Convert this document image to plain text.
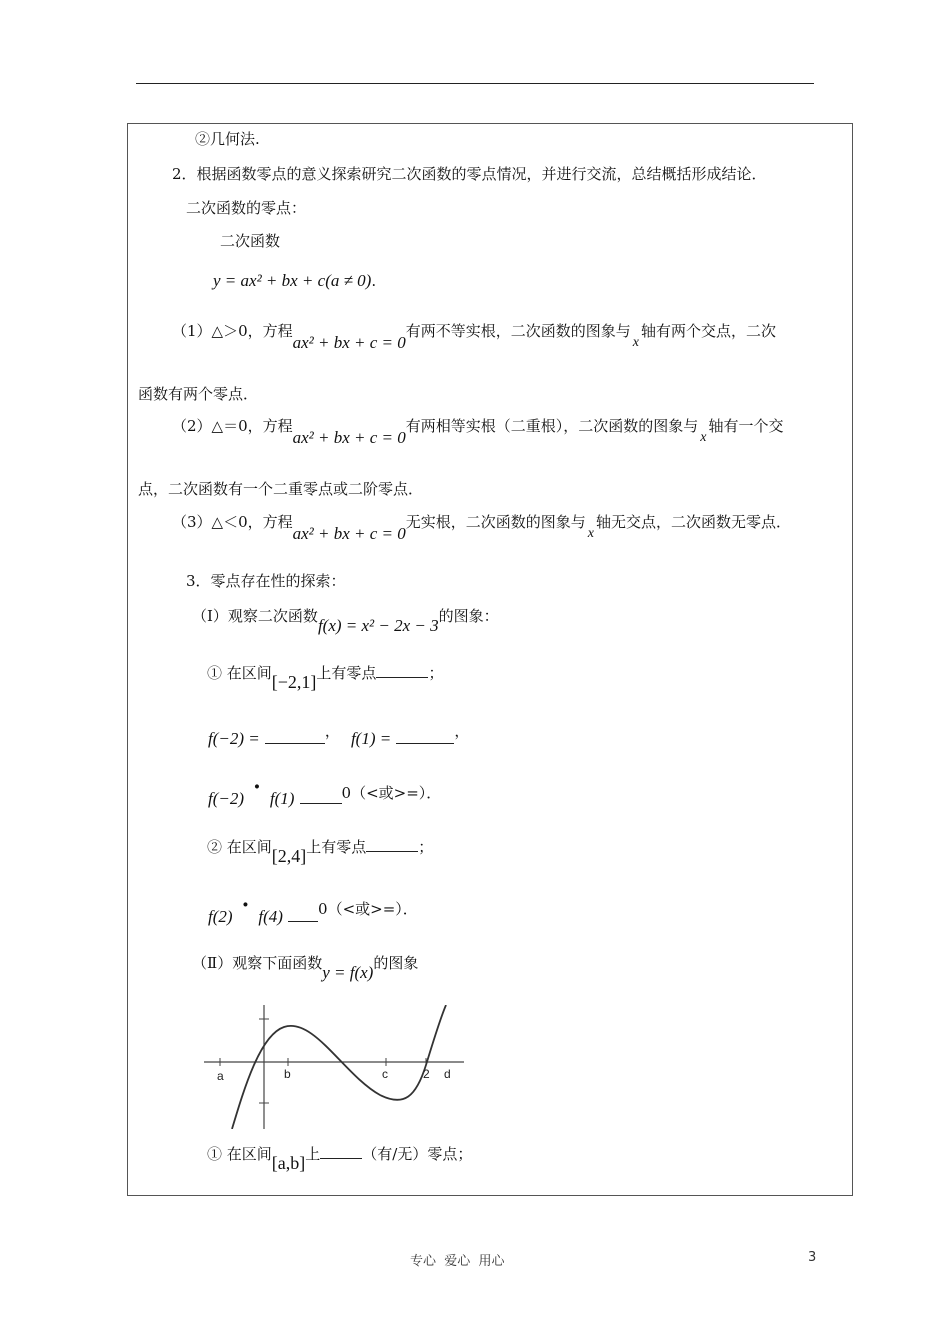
②几何法.
2．根据函数零点的意义探索研究二次函数的零点情况，并进行交流，总结概括形成结论．
二次函数的零点：
二次函数
y = ax² + bx + c(a ≠ 0).
（1）△＞0，方程ax² + bx + c = 0有两不等实根，二次函数的图象与x轴有两个交点，二次
函数有两个零点．
（2）△＝0，方程ax² + bx + c = 0有两相等实根（二重根），二次函数的图象与x轴有一个交
点，二次函数有一个二重零点或二阶零点．
（3）△＜0，方程ax² + bx + c = 0无实根，二次函数的图象与x轴无交点，二次函数无零点．
3．零点存在性的探索：
（Ⅰ）观察二次函数f(x) = x² − 2x − 3的图象：
① 在区间[−2,1]上有零点	；
f(−2) =	， f(1) =	，
f(−2) · f(1)	0（<或>=）．
② 在区间[2,4]上有零点	；
f(2) · f(4) 0（<或>=）．
（Ⅱ）观察下面函数y = f(x)的图象
a	b	c	2 d
① 在区间[a,b]上	（有/无）零点；
专心  爱心  用心	3
